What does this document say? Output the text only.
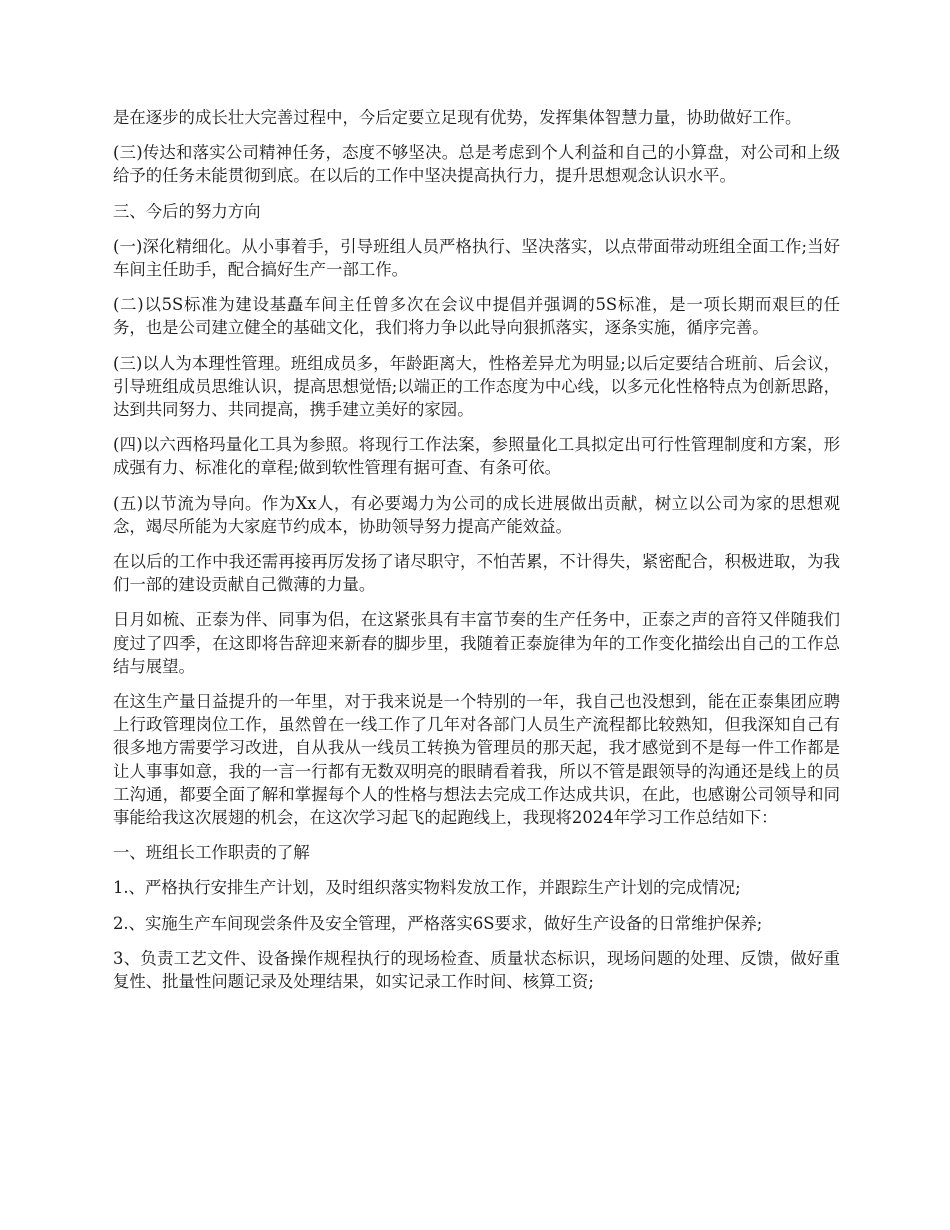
是在逐步的成长壮大完善过程中，今后定要立足现有优势，发挥集体智慧力量，协助做好工作。

(三)传达和落实公司精神任务，态度不够坚决。总是考虑到个人利益和自己的小算盘，对公司和上级给予的任务未能贯彻到底。在以后的工作中坚决提高执行力，提升思想观念认识水平。

三、今后的努力方向

(一)深化精细化。从小事着手，引导班组人员严格执行、坚决落实，以点带面带动班组全面工作;当好车间主任助手，配合搞好生产一部工作。

(二)以5S标准为建设基矗车间主任曾多次在会议中提倡并强调的5S标准，是一项长期而艰巨的任务，也是公司建立健全的基础文化，我们将力争以此导向狠抓落实，逐条实施，循序完善。

(三)以人为本理性管理。班组成员多，年龄距离大，性格差异尤为明显;以后定要结合班前、后会议，引导班组成员思维认识，提高思想觉悟;以端正的工作态度为中心线，以多元化性格特点为创新思路，达到共同努力、共同提高，携手建立美好的家园。

(四)以六西格玛量化工具为参照。将现行工作法案，参照量化工具拟定出可行性管理制度和方案，形成强有力、标准化的章程;做到软性管理有据可查、有条可依。

(五)以节流为导向。作为Xx人，有必要竭力为公司的成长进展做出贡献，树立以公司为家的思想观念，竭尽所能为大家庭节约成本，协助领导努力提高产能效益。

在以后的工作中我还需再接再厉发扬了诸尽职守，不怕苦累，不计得失，紧密配合，积极进取，为我们一部的建设贡献自己微薄的力量。

日月如梳、正泰为伴、同事为侣，在这紧张具有丰富节奏的生产任务中，正泰之声的音符又伴随我们度过了四季，在这即将告辞迎来新春的脚步里，我随着正泰旋律为年的工作变化描绘出自己的工作总结与展望。

在这生产量日益提升的一年里，对于我来说是一个特别的一年，我自己也没想到，能在正泰集团应聘上行政管理岗位工作，虽然曾在一线工作了几年对各部门人员生产流程都比较熟知，但我深知自己有很多地方需要学习改进，自从我从一线员工转换为管理员的那天起，我才感觉到不是每一件工作都是让人事事如意，我的一言一行都有无数双明亮的眼睛看着我，所以不管是跟领导的沟通还是线上的员工沟通，都要全面了解和掌握每个人的性格与想法去完成工作达成共识，在此，也感谢公司领导和同事能给我这次展翅的机会，在这次学习起飞的起跑线上，我现将2024年学习工作总结如下：

一、班组长工作职责的了解

1.、严格执行安排生产计划，及时组织落实物料发放工作，并跟踪生产计划的完成情况;

2.、实施生产车间现尝条件及安全管理，严格落实6S要求，做好生产设备的日常维护保养;

3、负责工艺文件、设备操作规程执行的现场检查、质量状态标识，现场问题的处理、反馈，做好重复性、批量性问题记录及处理结果，如实记录工作时间、核算工资;
